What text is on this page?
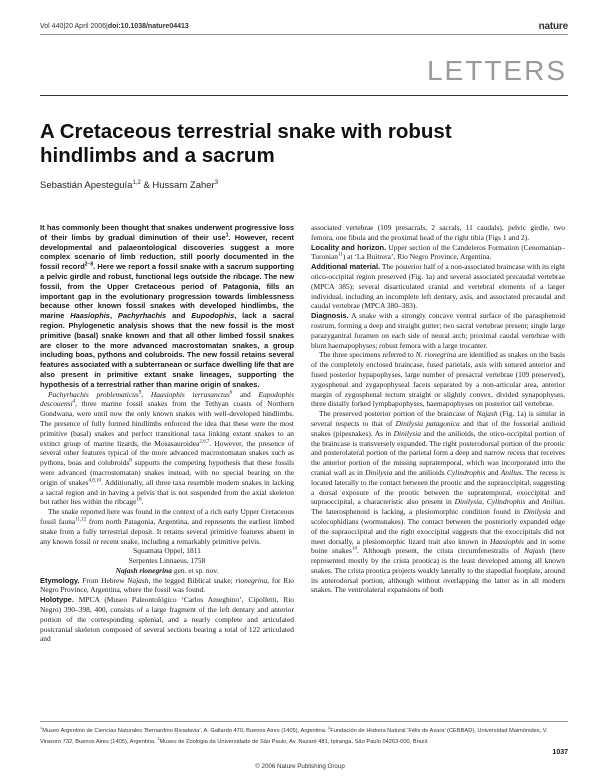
Vol 440|20 April 2006|doi:10.1038/nature04413	nature
LETTERS
A Cretaceous terrestrial snake with robust hindlimbs and a sacrum
Sebastián Apesteguía$^{1,2}$ & Hussam Zaher$^3$

It has commonly been thought that snakes underwent progressive loss of their limbs by gradual diminution of their use$^1$. However, recent developmental and palaeontological discoveries suggest a more complex scenario of limb reduction, still poorly documented in the fossil record$^{2-8}$. Here we report a fossil snake with a sacrum supporting a pelvic girdle and robust, functional legs outside the ribcage. The new fossil, from the Upper Cretaceous period of Patagonia, fills an important gap in the evolutionary progression towards limblessness because other known fossil snakes with developed hindlimbs, the marine Haasiophis, Pachyrhachis and Eupodophis, lack a sacral region. Phylogenetic analysis shows that the new fossil is the most primitive (basal) snake known and that all other limbed fossil snakes are closer to the more advanced macrostomatan snakes, a group including boas, pythons and colubroids. The new fossil retains several features associated with a subterranean or surface dwelling life that are also present in primitive extant snake lineages, supporting the hypothesis of a terrestrial rather than marine origin of snakes.

Pachyrhachis problematicus$^9$, Haasiophis terrasanctus$^6$ and Eupodophis descouensi$^4$, three marine fossil snakes from the Tethyan coasts of Northern Gondwana, were until now the only known snakes with well-developed hindlimbs. The presence of fully formed hindlimbs enforced the idea that these were the most primitive (basal) snakes and perfect transitional taxa linking extant snakes to an extinct group of marine lizards, the Mosasauroidea$^{2,6,7}$. However, the presence of several other features typical of the more advanced macrostomatan snakes such as pythons, boas and colubroids$^8$ supports the competing hypothesis that these fossils were advanced (macrostomatan) snakes instead, with no special bearing on the origin of snakes$^{4,8,10}$. Additionally, all three taxa resemble modern snakes in lacking a sacral region and in having a pelvis that is not suspended from the axial skeleton but rather lies within the ribcage$^{10}$.

The snake reported here was found in the context of a rich early Upper Cretaceous fossil fauna$^{11,12}$ from north Patagonia, Argentina, and represents the earliest limbed snake from a fully terrestrial deposit. It retains several primitive features absent in any known fossil or recent snake, including a remarkably primitive pelvis.

Squamata Oppel, 1811

Serpentes Linnaeus, 1758

Najash rionegrina gen. et sp. nov.

Etymology. From Hebrew Najash, the legged Biblical snake; rionegrina, for Rio Negro Province, Argentina, where the fossil was found.

Holotype. MPCA (Museo Paleontológico ‘Carlos Ameghino’, Cipolletti, Rio Negro) 390–398, 400, consists of a large fragment of the left dentary and anterior portion of the corresponding splenial, and a nearly complete and articulated postcranial skeleton composed of several sections bearing a total of 122 articulated and

associated vertebrae (109 presacrals, 2 sacrals, 11 caudals), pelvic girdle, two femora, one fibula and the proximal head of the right tibia (Figs 1 and 2).

Locality and horizon. Upper section of the Candeleros Formation (Cenomanian–Turonian$^{11}$) at ‘La Buitrera’, Rio Negro Province, Argentina.

Additional material. The posterior half of a non-associated braincase with its right otico-occipital region preserved (Fig. 1a) and several associated precaudal vertebrae (MPCA 385); several disarticulated cranial and vertebral elements of a larger individual, including an incomplete left dentary, axis, and associated precaudal and caudal vertebrae (MPCA 380–383).

Diagnosis. A snake with a strongly concave ventral surface of the parasphenoid rostrum, forming a deep and straight gutter; two sacral vertebrae present; single large parazygantral foramen on each side of neural arch; proximal caudal vertebrae with blunt haemapophyses; robust femora with a large trocanter.

The three specimens referred to N. rionegrina are identified as snakes on the basis of the completely enclosed braincase, fused parietals, axis with sutured anterior and fused posterior hypapophyses, large number of presacral vertebrae (109 preserved), zygosphenal and zygapophyseal facets separated by a non-articular area, anterior margin of zygosphenal tectum straight or slightly convex, divided synapophyses, three distally forked lymphapophyses, haemapophyses on posterior tail vertebrae.

The preserved posterior portion of the braincase of Najash (Fig. 1a) is similar in several respects to that of Dinilysia patagonica and that of the fossorial anilioid snakes (pipesnakes). As in Dinilysia and the anilioids, the otico-occipital portion of the braincase is transversely expanded. The right posterodorsal portion of the prootic and posterolateral portion of the parietal form a deep and narrow recess that receives the anterior portion of the missing supratemporal, which was incorporated into the cranial wall as in Dinilysia and the anilioids Cylindrophis and Anilius. The recess is located laterally to the contact between the prootic and the supraoccipital, suggesting a dorsal exposure of the prootic between the supratemporal, exoccipital and supraoccipital, a characteristic also present in Dinilysia, Cylindrophis and Anilius. The laterosphenoid is lacking, a plesiomorphic condition found in Dinilysia and scolecophidians (wormsnakes). The contact between the posteriorly expanded edge of the supraoccipital and the right exoccipital suggests that the exoccipitals did not meet dorsally, a plesiomorphic lizard trait also known in Haasiophis and in some boine snakes$^{14}$. Although present, the crista circumfenestralis of Najash (here represented mostly by the crista prootica) is the least developed among all known snakes. The crista prootica projects weakly laterally to the stapedial footplate, around its anterodorsal portion, although without overlapping the latter as in all modern snakes. The ventrolateral expansions of both

$^1$Museo Argentino de Ciencias Naturales ‘Bernardino Rivadavia’, A. Gallardo 470, Buenos Aires (1405), Argentina. $^2$Fundación de Historia Natural ‘Félix de Azara’ (CEBBAD), Universidad Maimónides, V. Virasoro 732, Buenos Aires (1405), Argentina. $^3$Museu de Zoologia da Universidade de São Paulo, Av. Nazaré 481, Ipiranga, São Paulo 04263-000, Brazil.
1037
© 2006 Nature Publishing Group
